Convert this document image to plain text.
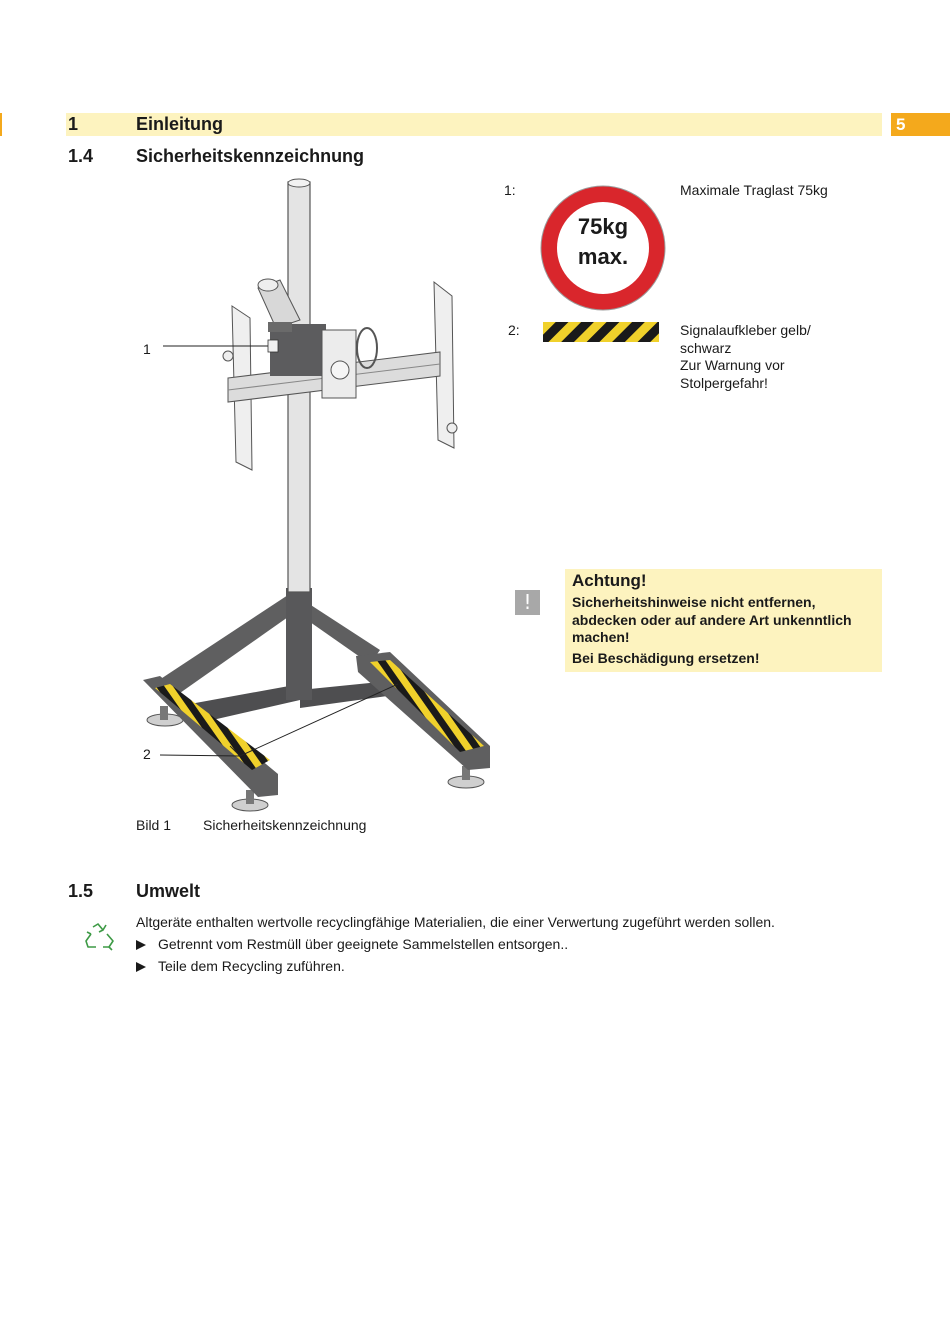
1	Einleitung	5
1.4 Sicherheitskennzeichnung
1
2
Bild 1 Sicherheitskennzeichnung
1:
75kg
max.
Maximale Traglast 75kg
2:	Signalaufkleber gelb/
schwarz
Zur Warnung vor
Stolpergefahr!
!
Achtung!
Sicherheitshinweise nicht entfernen,
abdecken oder auf andere Art unkenntlich
machen!
Bei Beschädigung ersetzen!
1.5 Umwelt
Altgeräte enthalten wertvolle recyclingfähige Materialien, die einer Verwertung zugeführt werden sollen.
Getrennt vom Restmüll über geeignete Sammelstellen entsorgen..
Teile dem Recycling zuführen.
